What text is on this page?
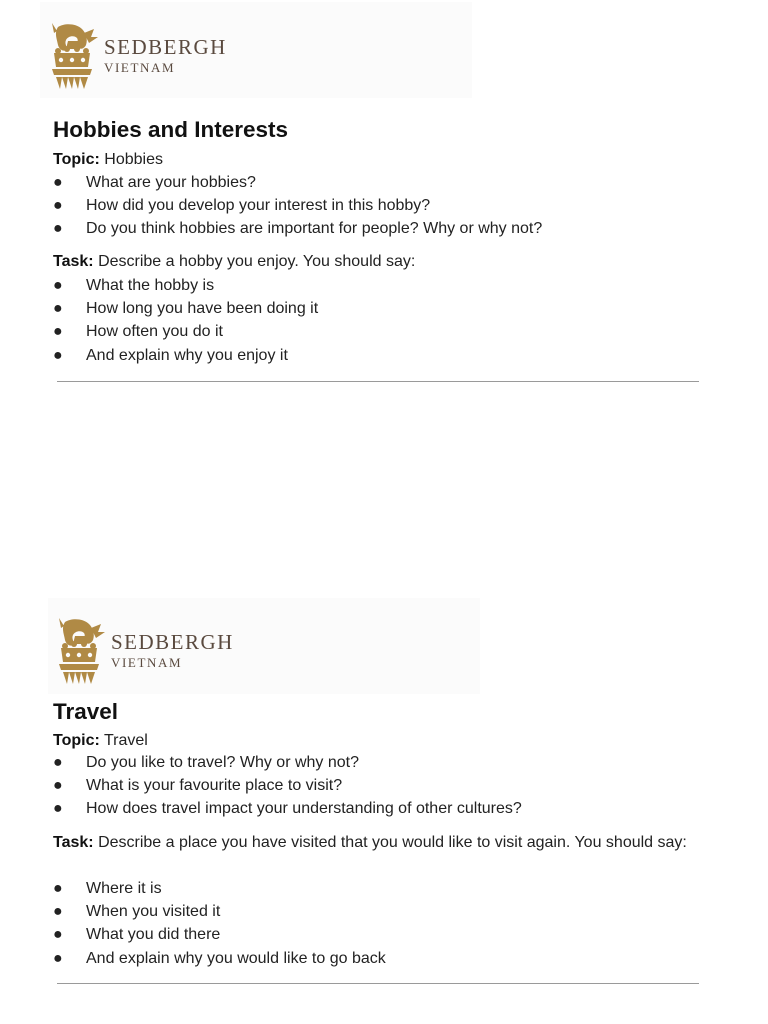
SEDBERGH
VIETNAM
Hobbies and Interests

Topic: Hobbies

● What are your hobbies?
● How did you develop your interest in this hobby?
● Do you think hobbies are important for people? Why or why not?

Task: Describe a hobby you enjoy. You should say:

● What the hobby is
● How long you have been doing it
● How often you do it
● And explain why you enjoy it
SEDBERGH
VIETNAM
Travel

Topic: Travel

● Do you like to travel? Why or why not?
● What is your favourite place to visit?
● How does travel impact your understanding of other cultures?

Task: Describe a place you have visited that you would like to visit again. You should say:

● Where it is
● When you visited it
● What you did there
● And explain why you would like to go back
